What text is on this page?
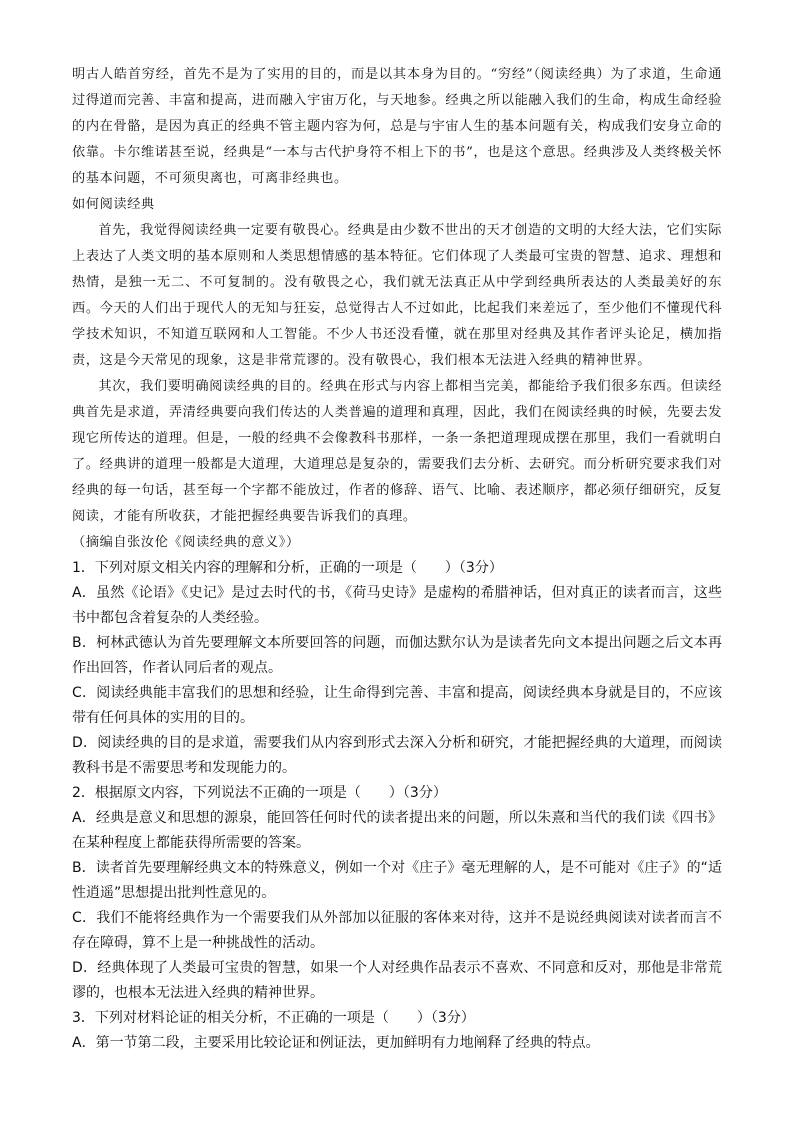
明古人皓首穷经，首先不是为了实用的目的，而是以其本身为目的。“穷经”（阅读经典）为了求道，生命通过得道而完善、丰富和提高，进而融入宇宙万化，与天地参。经典之所以能融入我们的生命，构成生命经验的内在骨骼，是因为真正的经典不管主题内容为何，总是与宇宙人生的基本问题有关，构成我们安身立命的依靠。卡尔维诺甚至说，经典是“一本与古代护身符不相上下的书”，也是这个意思。经典涉及人类终极关怀的基本问题，不可须臾离也，可离非经典也。

如何阅读经典

首先，我觉得阅读经典一定要有敬畏心。经典是由少数不世出的天才创造的文明的大经大法，它们实际上表达了人类文明的基本原则和人类思想情感的基本特征。它们体现了人类最可宝贵的智慧、追求、理想和热情，是独一无二、不可复制的。没有敬畏之心，我们就无法真正从中学到经典所表达的人类最美好的东西。今天的人们出于现代人的无知与狂妄，总觉得古人不过如此，比起我们来差远了，至少他们不懂现代科学技术知识，不知道互联网和人工智能。不少人书还没看懂，就在那里对经典及其作者评头论足，横加指责，这是今天常见的现象，这是非常荒谬的。没有敬畏心，我们根本无法进入经典的精神世界。

其次，我们要明确阅读经典的目的。经典在形式与内容上都相当完美，都能给予我们很多东西。但读经典首先是求道，弄清经典要向我们传达的人类普遍的道理和真理，因此，我们在阅读经典的时候，先要去发现它所传达的道理。但是，一般的经典不会像教科书那样，一条一条把道理现成摆在那里，我们一看就明白了。经典讲的道理一般都是大道理，大道理总是复杂的，需要我们去分析、去研究。而分析研究要求我们对经典的每一句话，甚至每一个字都不能放过，作者的修辞、语气、比喻、表述顺序，都必须仔细研究，反复阅读，才能有所收获，才能把握经典要告诉我们的真理。

（摘编自张汝伦《阅读经典的意义》）

1．下列对原文相关内容的理解和分析，正确的一项是（　　）（3分）

A．虽然《论语》《史记》是过去时代的书，《荷马史诗》是虚构的希腊神话，但对真正的读者而言，这些书中都包含着复杂的人类经验。

B．柯林武德认为首先要理解文本所要回答的问题，而伽达默尔认为是读者先向文本提出问题之后文本再作出回答，作者认同后者的观点。

C．阅读经典能丰富我们的思想和经验，让生命得到完善、丰富和提高，阅读经典本身就是目的，不应该带有任何具体的实用的目的。

D．阅读经典的目的是求道，需要我们从内容到形式去深入分析和研究，才能把握经典的大道理，而阅读教科书是不需要思考和发现能力的。

2．根据原文内容，下列说法不正确的一项是（　　）（3分）

A．经典是意义和思想的源泉，能回答任何时代的读者提出来的问题，所以朱熹和当代的我们读《四书》在某种程度上都能获得所需要的答案。

B．读者首先要理解经典文本的特殊意义，例如一个对《庄子》毫无理解的人，是不可能对《庄子》的“适性逍遥”思想提出批判性意见的。

C．我们不能将经典作为一个需要我们从外部加以征服的客体来对待，这并不是说经典阅读对读者而言不存在障碍，算不上是一种挑战性的活动。

D．经典体现了人类最可宝贵的智慧，如果一个人对经典作品表示不喜欢、不同意和反对，那他是非常荒谬的，也根本无法进入经典的精神世界。

3．下列对材料论证的相关分析，不正确的一项是（　　）（3分）

A．第一节第二段，主要采用比较论证和例证法，更加鲜明有力地阐释了经典的特点。
